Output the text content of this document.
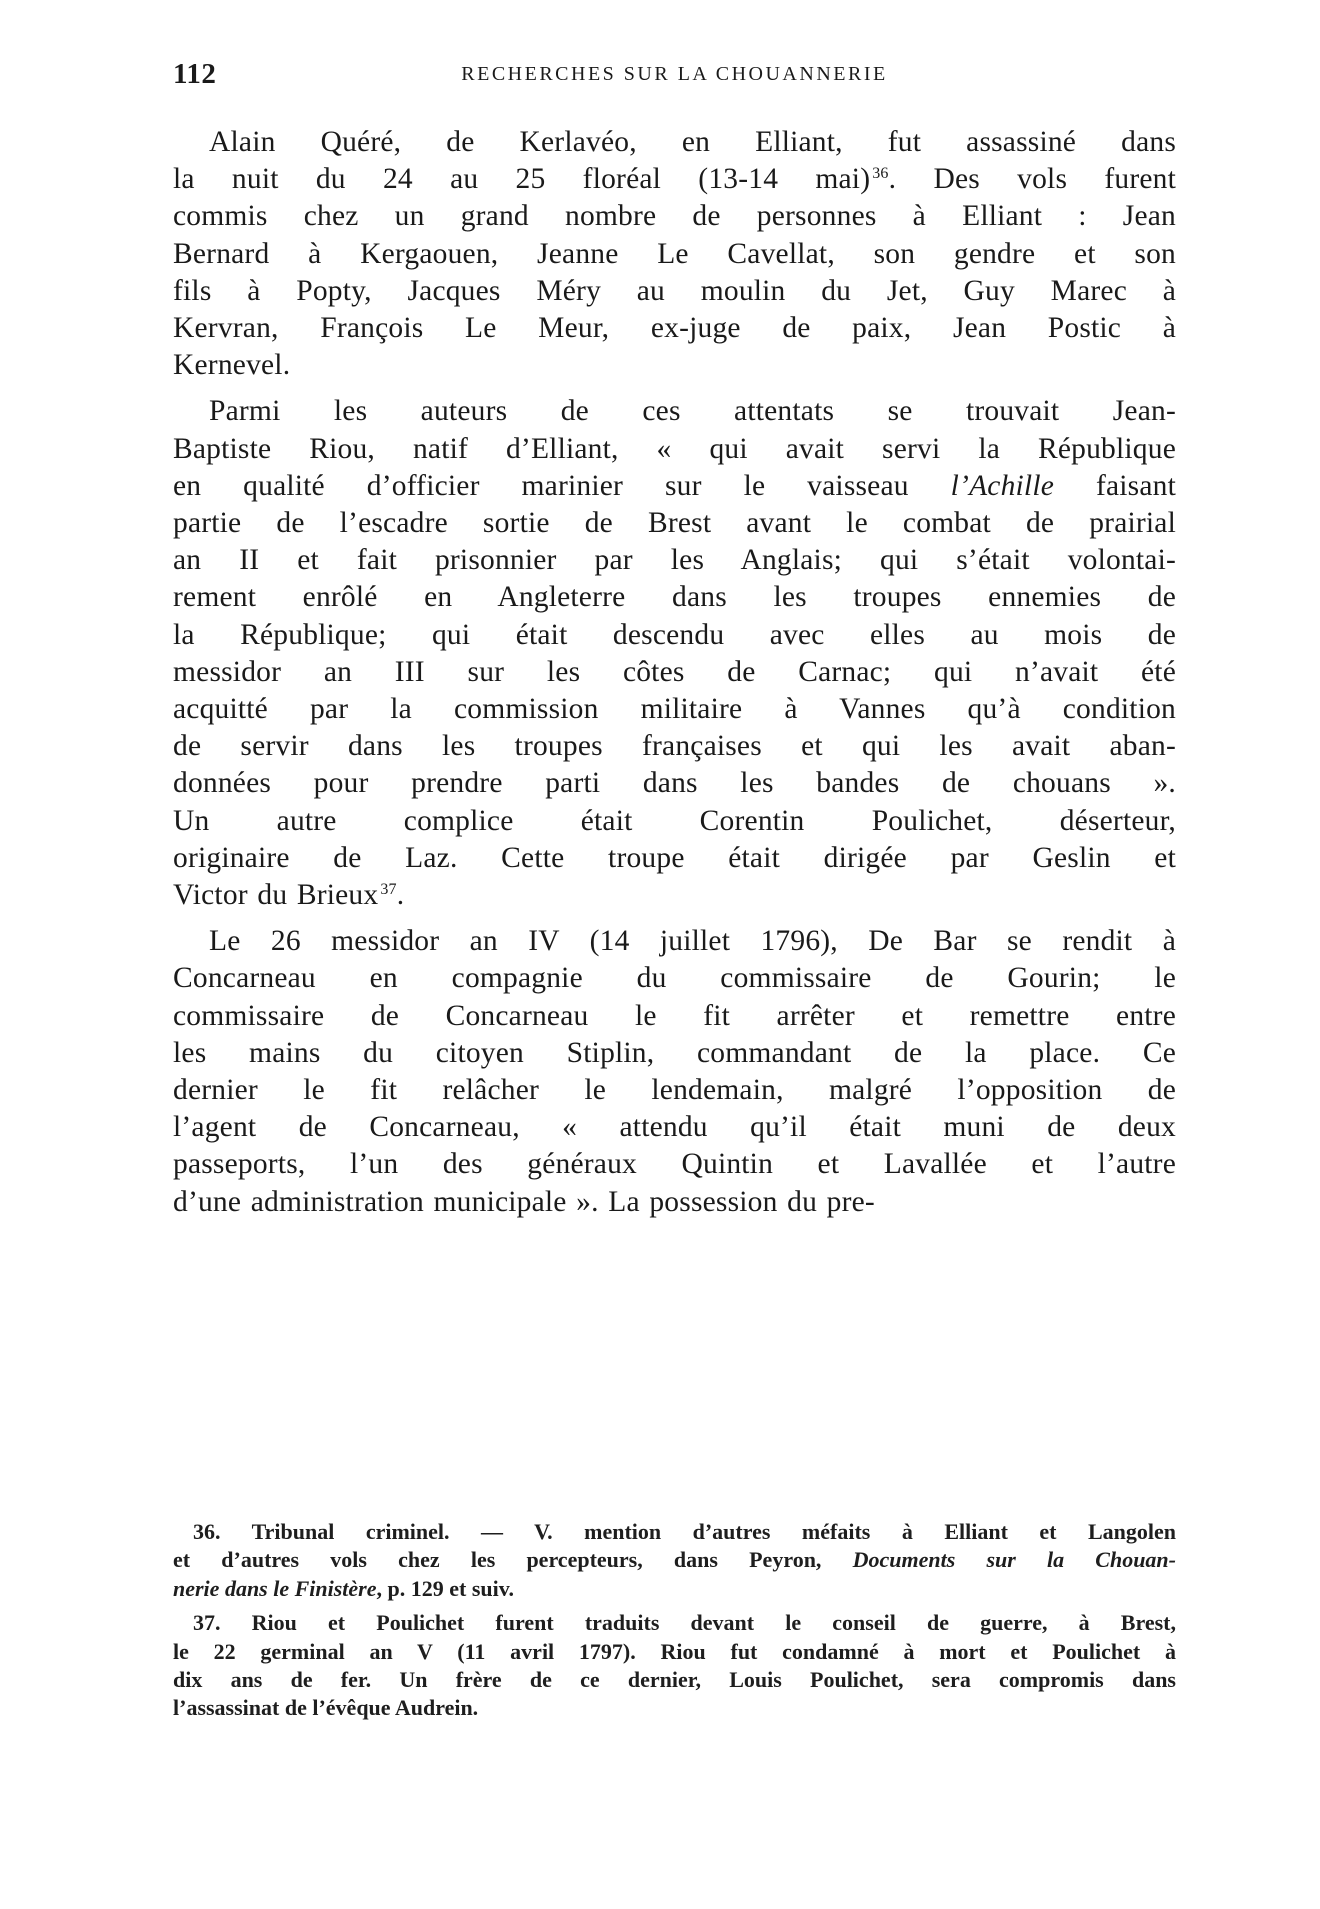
112	RECHERCHES SUR LA CHOUANNERIE
Alain Quéré, de Kerlavéo, en Elliant, fut assassiné dans
la nuit du 24 au 25 floréal (13-14 mai) $^{36}$. Des vols furent
commis chez un grand nombre de personnes à Elliant : Jean
Bernard à Kergaouen, Jeanne Le Cavellat, son gendre et son
fils à Popty, Jacques Méry au moulin du Jet, Guy Marec à
Kervran, François Le Meur, ex-juge de paix, Jean Postic à
Kernevel.
Parmi les auteurs de ces attentats se trouvait Jean-
Baptiste Riou, natif d’Elliant, « qui avait servi la République
en qualité d’officier marinier sur le vaisseau l’Achille faisant
partie de l’escadre sortie de Brest avant le combat de prairial
an II et fait prisonnier par les Anglais; qui s’était volontai-
rement enrôlé en Angleterre dans les troupes ennemies de
la République; qui était descendu avec elles au mois de
messidor an III sur les côtes de Carnac; qui n’avait été
acquitté par la commission militaire à Vannes qu’à condition
de servir dans les troupes françaises et qui les avait aban-
données pour prendre parti dans les bandes de chouans ».
Un autre complice était Corentin Poulichet, déserteur,
originaire de Laz. Cette troupe était dirigée par Geslin et
Victor du Brieux $^{37}$.
Le 26 messidor an IV (14 juillet 1796), De Bar se rendit à
Concarneau en compagnie du commissaire de Gourin; le
commissaire de Concarneau le fit arrêter et remettre entre
les mains du citoyen Stiplin, commandant de la place. Ce
dernier le fit relâcher le lendemain, malgré l’opposition de
l’agent de Concarneau, « attendu qu’il était muni de deux
passeports, l’un des généraux Quintin et Lavallée et l’autre
d’une administration municipale ». La possession du pre-
36. Tribunal criminel. — V. mention d’autres méfaits à Elliant et Langolen
et d’autres vols chez les percepteurs, dans Peyron, Documents sur la Chouan-
nerie dans le Finistère, p. 129 et suiv.
37. Riou et Poulichet furent traduits devant le conseil de guerre, à Brest,
le 22 germinal an V (11 avril 1797). Riou fut condamné à mort et Poulichet à
dix ans de fer. Un frère de ce dernier, Louis Poulichet, sera compromis dans
l’assassinat de l’évêque Audrein.
